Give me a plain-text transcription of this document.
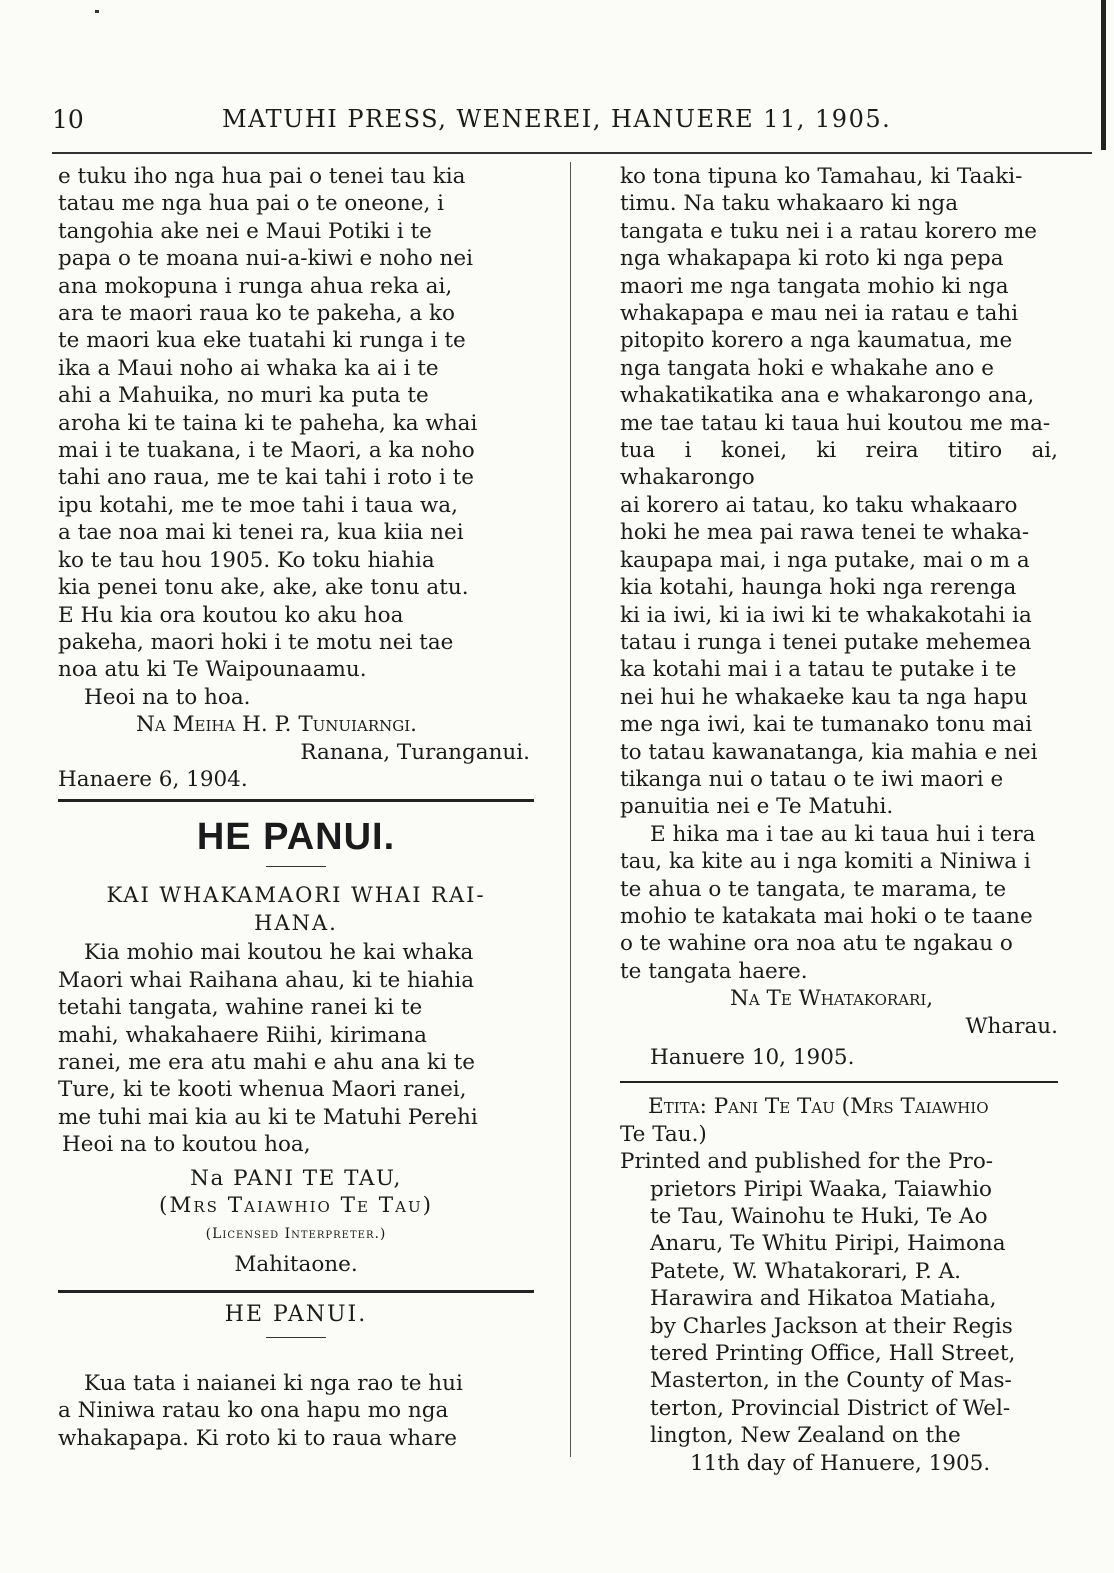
10	MATUHI PRESS, WENEREI, HANUERE 11, 1905.

e tuku iho nga hua pai o tenei tau kia

tatau me nga hua pai o te oneone, i

tangohia ake nei e Maui Potiki i te

papa o te moana nui-a-kiwi e noho nei

ana mokopuna i runga ahua reka ai,

ara te maori raua ko te pakeha, a ko

te maori kua eke tuatahi ki runga i te

ika a Maui noho ai whaka ka ai i te

ahi a Mahuika, no muri ka puta te

aroha ki te taina ki te paheha, ka whai

mai i te tuakana, i te Maori, a ka noho

tahi ano raua, me te kai tahi i roto i te

ipu kotahi, me te moe tahi i taua wa,

a tae noa mai ki tenei ra, kua kiia nei

ko te tau hou 1905. Ko toku hiahia

kia penei tonu ake, ake, ake tonu atu.

E Hu kia ora koutou ko aku hoa

pakeha, maori hoki i te motu nei tae

noa atu ki Te Waipounaamu.

Heoi na to hoa.

Na Meiha H. P. Tunuiarngi.

Ranana, Turanganui.

Hanaere 6, 1904.

HE PANUI.
KAI WHAKAMAORI WHAI RAI-HANA.

Kia mohio mai koutou he kai whaka

Maori whai Raihana ahau, ki te hiahia

tetahi tangata, wahine ranei ki te

mahi, whakahaere Riihi, kirimana

ranei, me era atu mahi e ahu ana ki te

Ture, ki te kooti whenua Maori ranei,

me tuhi mai kia au ki te Matuhi Perehi

Heoi na to koutou hoa,

Na PANI TE TAU,

(Mrs Taiawhio Te Tau)

(Licensed Interpreter.)

Mahitaone.

HE PANUI.

Kua tata i naianei ki nga rao te hui

a Niniwa ratau ko ona hapu mo nga

whakapapa. Ki roto ki to raua whare

ko tona tipuna ko Tamahau, ki Taaki-

timu. Na taku whakaaro ki nga

tangata e tuku nei i a ratau korero me

nga whakapapa ki roto ki nga pepa

maori me nga tangata mohio ki nga

whakapapa e mau nei ia ratau e tahi

pitopito korero a nga kaumatua, me

nga tangata hoki e whakahe ano e

whakatikatika ana e whakarongo ana,

me tae tatau ki taua hui koutou me ma-

tua i konei, ki reira titiro ai, whakarongo

ai korero ai tatau, ko taku whakaaro

hoki he mea pai rawa tenei te whaka-

kaupapa mai, i nga putake, mai o m a

kia kotahi, haunga hoki nga rerenga

ki ia iwi, ki ia iwi ki te whakakotahi ia

tatau i runga i tenei putake mehemea

ka kotahi mai i a tatau te putake i te

nei hui he whakaeke kau ta nga hapu

me nga iwi, kai te tumanako tonu mai

to tatau kawanatanga, kia mahia e nei

tikanga nui o tatau o te iwi maori e

panuitia nei e Te Matuhi.

E hika ma i tae au ki taua hui i tera

tau, ka kite au i nga komiti a Niniwa i

te ahua o te tangata, te marama, te

mohio te katakata mai hoki o te taane

o te wahine ora noa atu te ngakau o

te tangata haere.

Na Te Whatakorari,

Wharau.

Hanuere 10, 1905.

Etita: Pani Te Tau (Mrs Taiawhio

Te Tau.)

Printed and published for the Pro-

prietors Piripi Waaka, Taiawhio

te Tau, Wainohu te Huki, Te Ao

Anaru, Te Whitu Piripi, Haimona

Patete, W. Whatakorari, P. A.

Harawira and Hikatoa Matiaha,

by Charles Jackson at their Regis

tered Printing Office, Hall Street,

Masterton, in the County of Mas-

terton, Provincial District of Wel-

lington, New Zealand on the

11th day of Hanuere, 1905.
